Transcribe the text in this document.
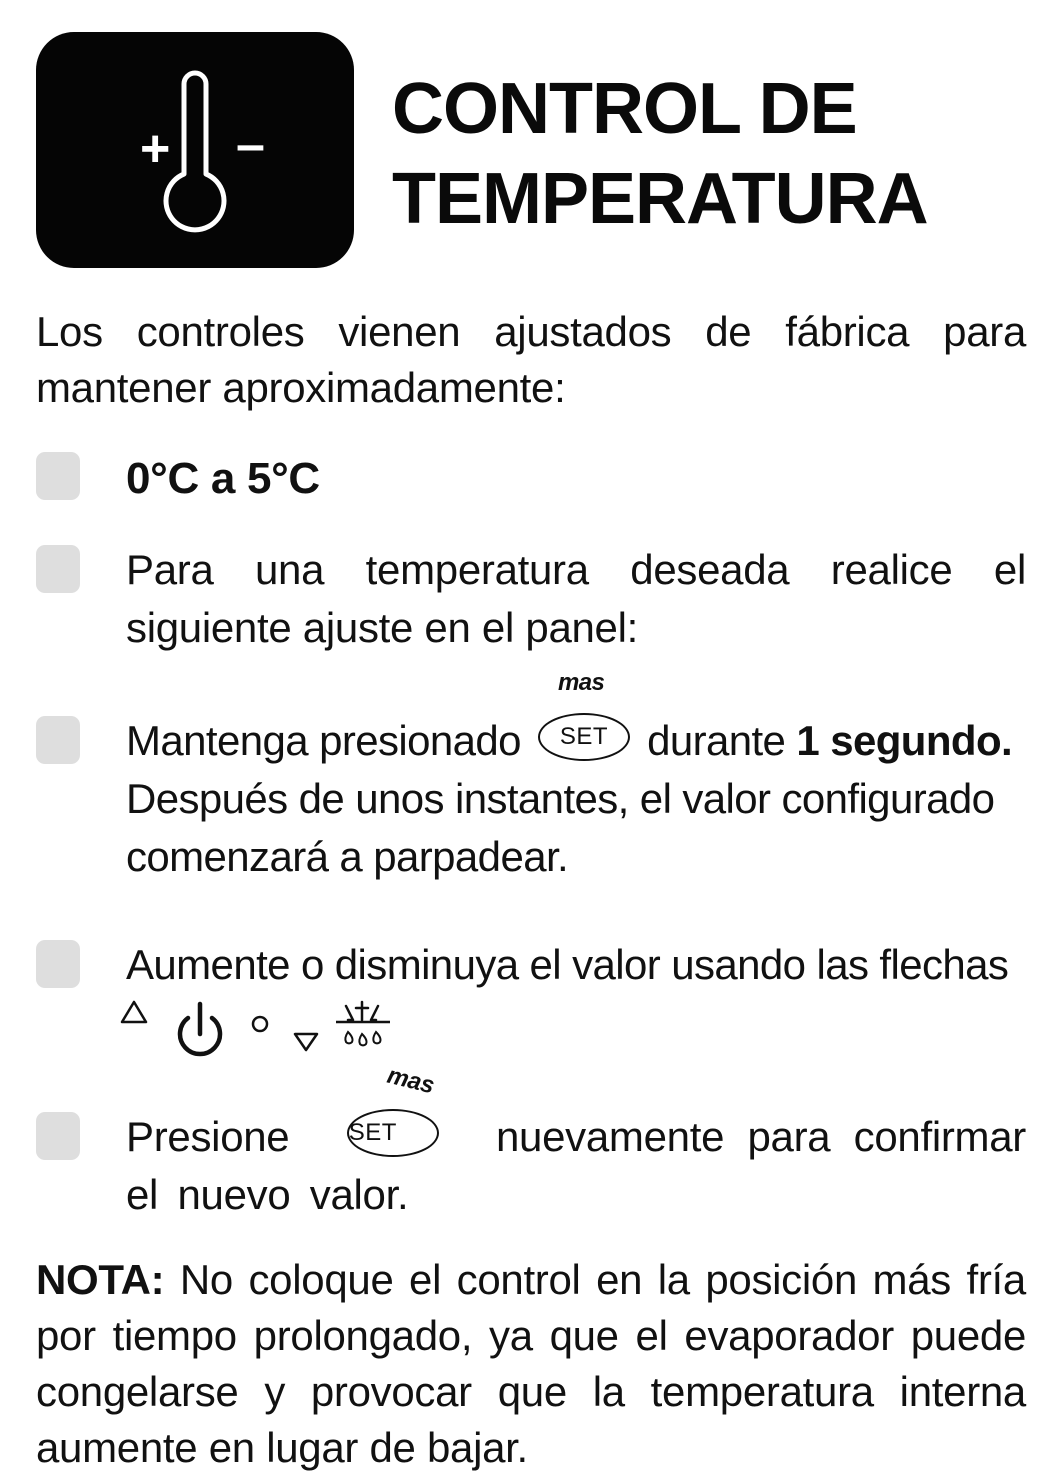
+ – CONTROL DE
TEMPERATURA
Los controles vienen ajustados de fábrica para mantener aproximadamente:
0°C a 5°C
Para una temperatura deseada realice el siguiente ajuste en el panel:
Mantenga presionado
mas
SET durante 1 segundo. Después de unos instantes, el valor configurado comenzará a parpadear.
Aumente o disminuya el valor usando las flechas
Presione
mas
SET	nuevamente para confirmar el nuevo valor.
NOTA: No coloque el control en la posición más fría por tiempo prolongado, ya que el evaporador puede congelarse y provocar que la temperatura interna aumente en lugar de bajar.
